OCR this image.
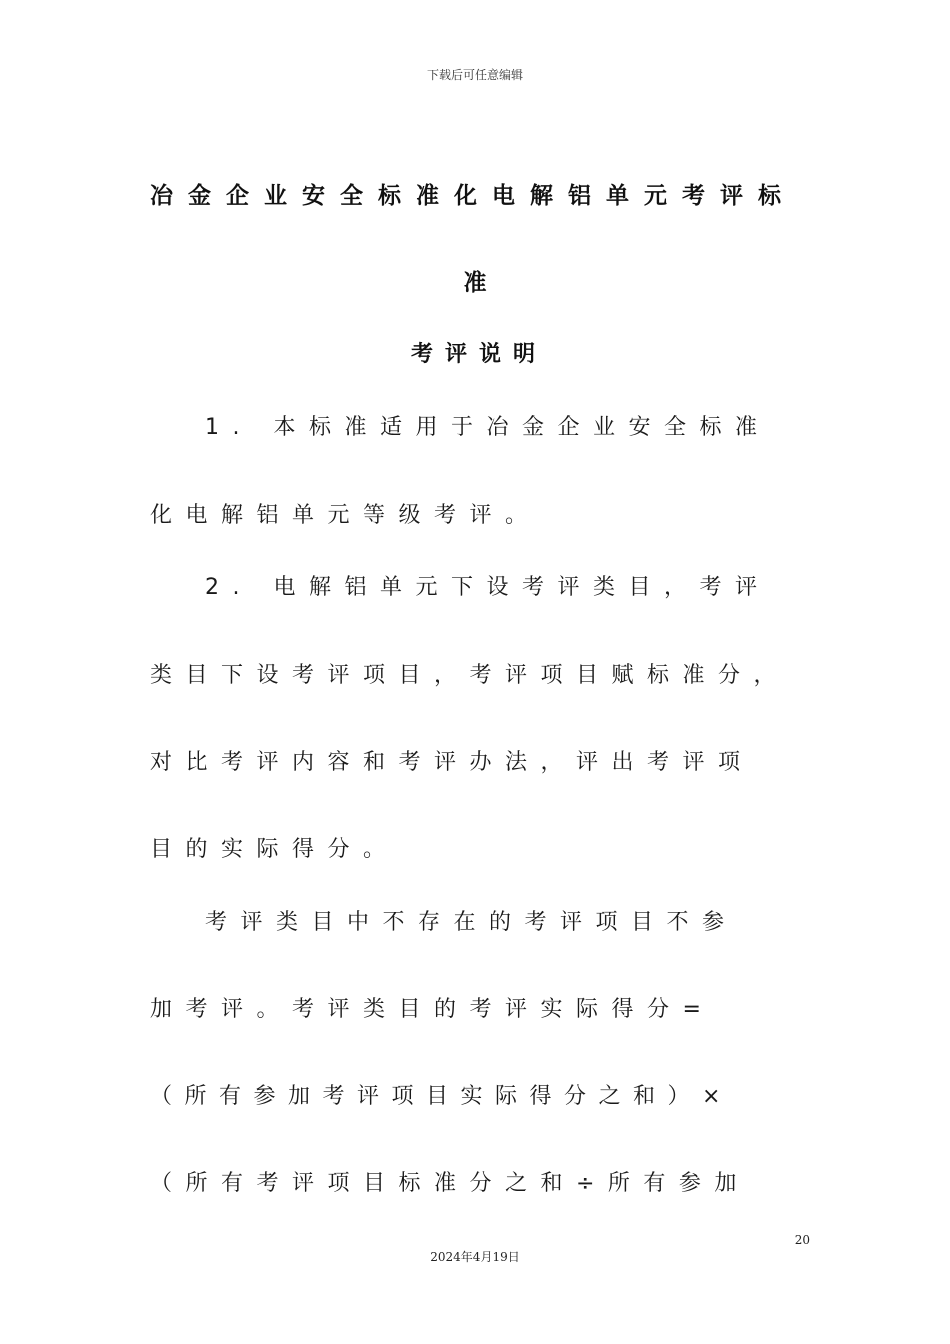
下载后可任意编辑
冶金企业安全标准化电解铝单元考评标
准
考评说明
1. 本标准适用于冶金企业安全标准
化电解铝单元等级考评。
2. 电解铝单元下设考评类目，考评
类目下设考评项目，考评项目赋标准分，
对比考评内容和考评办法，评出考评项
目的实际得分。
考评类目中不存在的考评项目不参
加考评。考评类目的考评实际得分=
（所有参加考评项目实际得分之和）×
（所有考评项目标准分之和÷所有参加
20
2024年4月19日
